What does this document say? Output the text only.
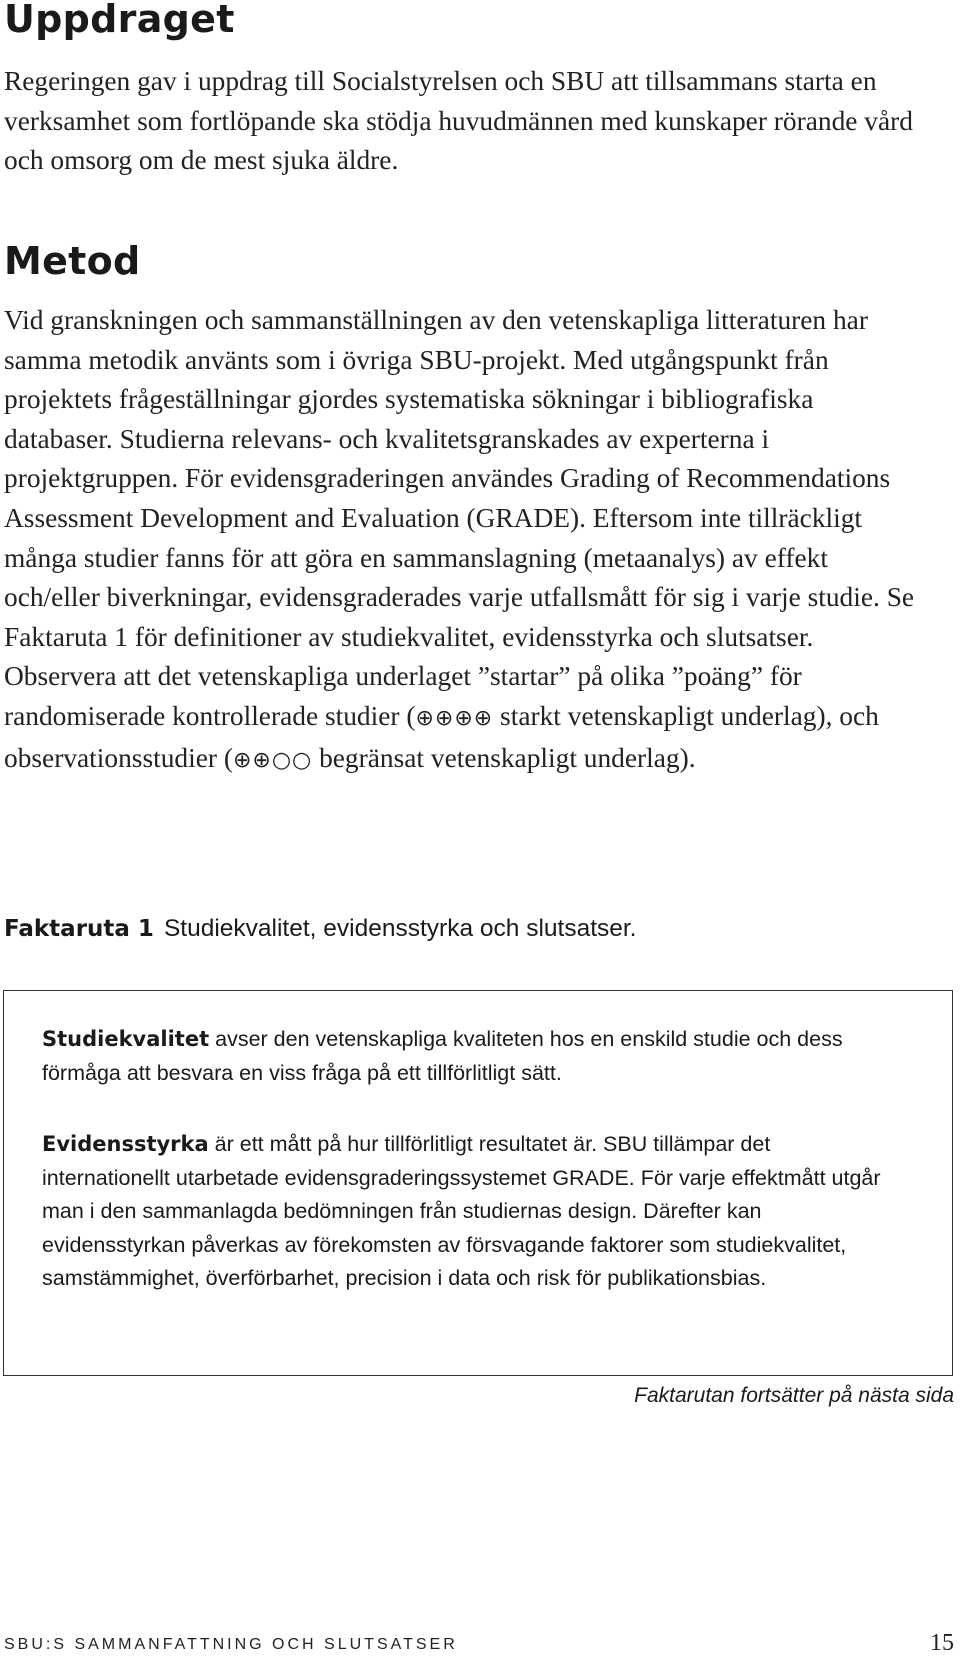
Uppdraget

Regeringen gav i uppdrag till Socialstyrelsen och SBU att tillsammans starta en verksamhet som fortlöpande ska stödja huvudmännen med kunskaper rörande vård och omsorg om de mest sjuka äldre.

Metod

Vid granskningen och sammanställningen av den vetenskapliga litteraturen har samma metodik använts som i övriga SBU-projekt. Med utgångspunkt från projektets frågeställningar gjordes systematiska sökningar i bibliografiska databaser. Studierna relevans- och kvalitetsgranskades av experterna i projektgruppen. För evidensgraderingen användes Grading of Recommendations Assessment Development and Evaluation (GRADE). Eftersom inte tillräckligt många studier fanns för att göra en sammanslagning (metaanalys) av effekt och/eller biverkningar, evidensgraderades varje utfallsmått för sig i varje studie. Se Faktaruta 1 för definitioner av studiekvalitet, evidensstyrka och slutsatser. Observera att det vetenskapliga underlaget ”startar” på olika ”poäng” för randomiserade kontrollerade studier (⊕⊕⊕⊕ starkt vetenskapligt underlag), och observationsstudier (⊕⊕○○ begränsat vetenskapligt underlag).

Faktaruta 1 Studiekvalitet, evidensstyrka och slutsatser.

Studiekvalitet avser den vetenskapliga kvaliteten hos en enskild studie och dess förmåga att besvara en viss fråga på ett tillförlitligt sätt.

Evidensstyrka är ett mått på hur tillförlitligt resultatet är. SBU tillämpar det internationellt utarbetade evidensgraderingssystemet GRADE. För varje effektmått utgår man i den sammanlagda bedömningen från studiernas design. Därefter kan evidensstyrkan påverkas av förekomsten av försvagande faktorer som studiekvalitet, samstämmighet, överförbarhet, precision i data och risk för publikationsbias.

Faktarutan fortsätter på nästa sida
SBU:S SAMMANFATTNING OCH SLUTSATSER	15
